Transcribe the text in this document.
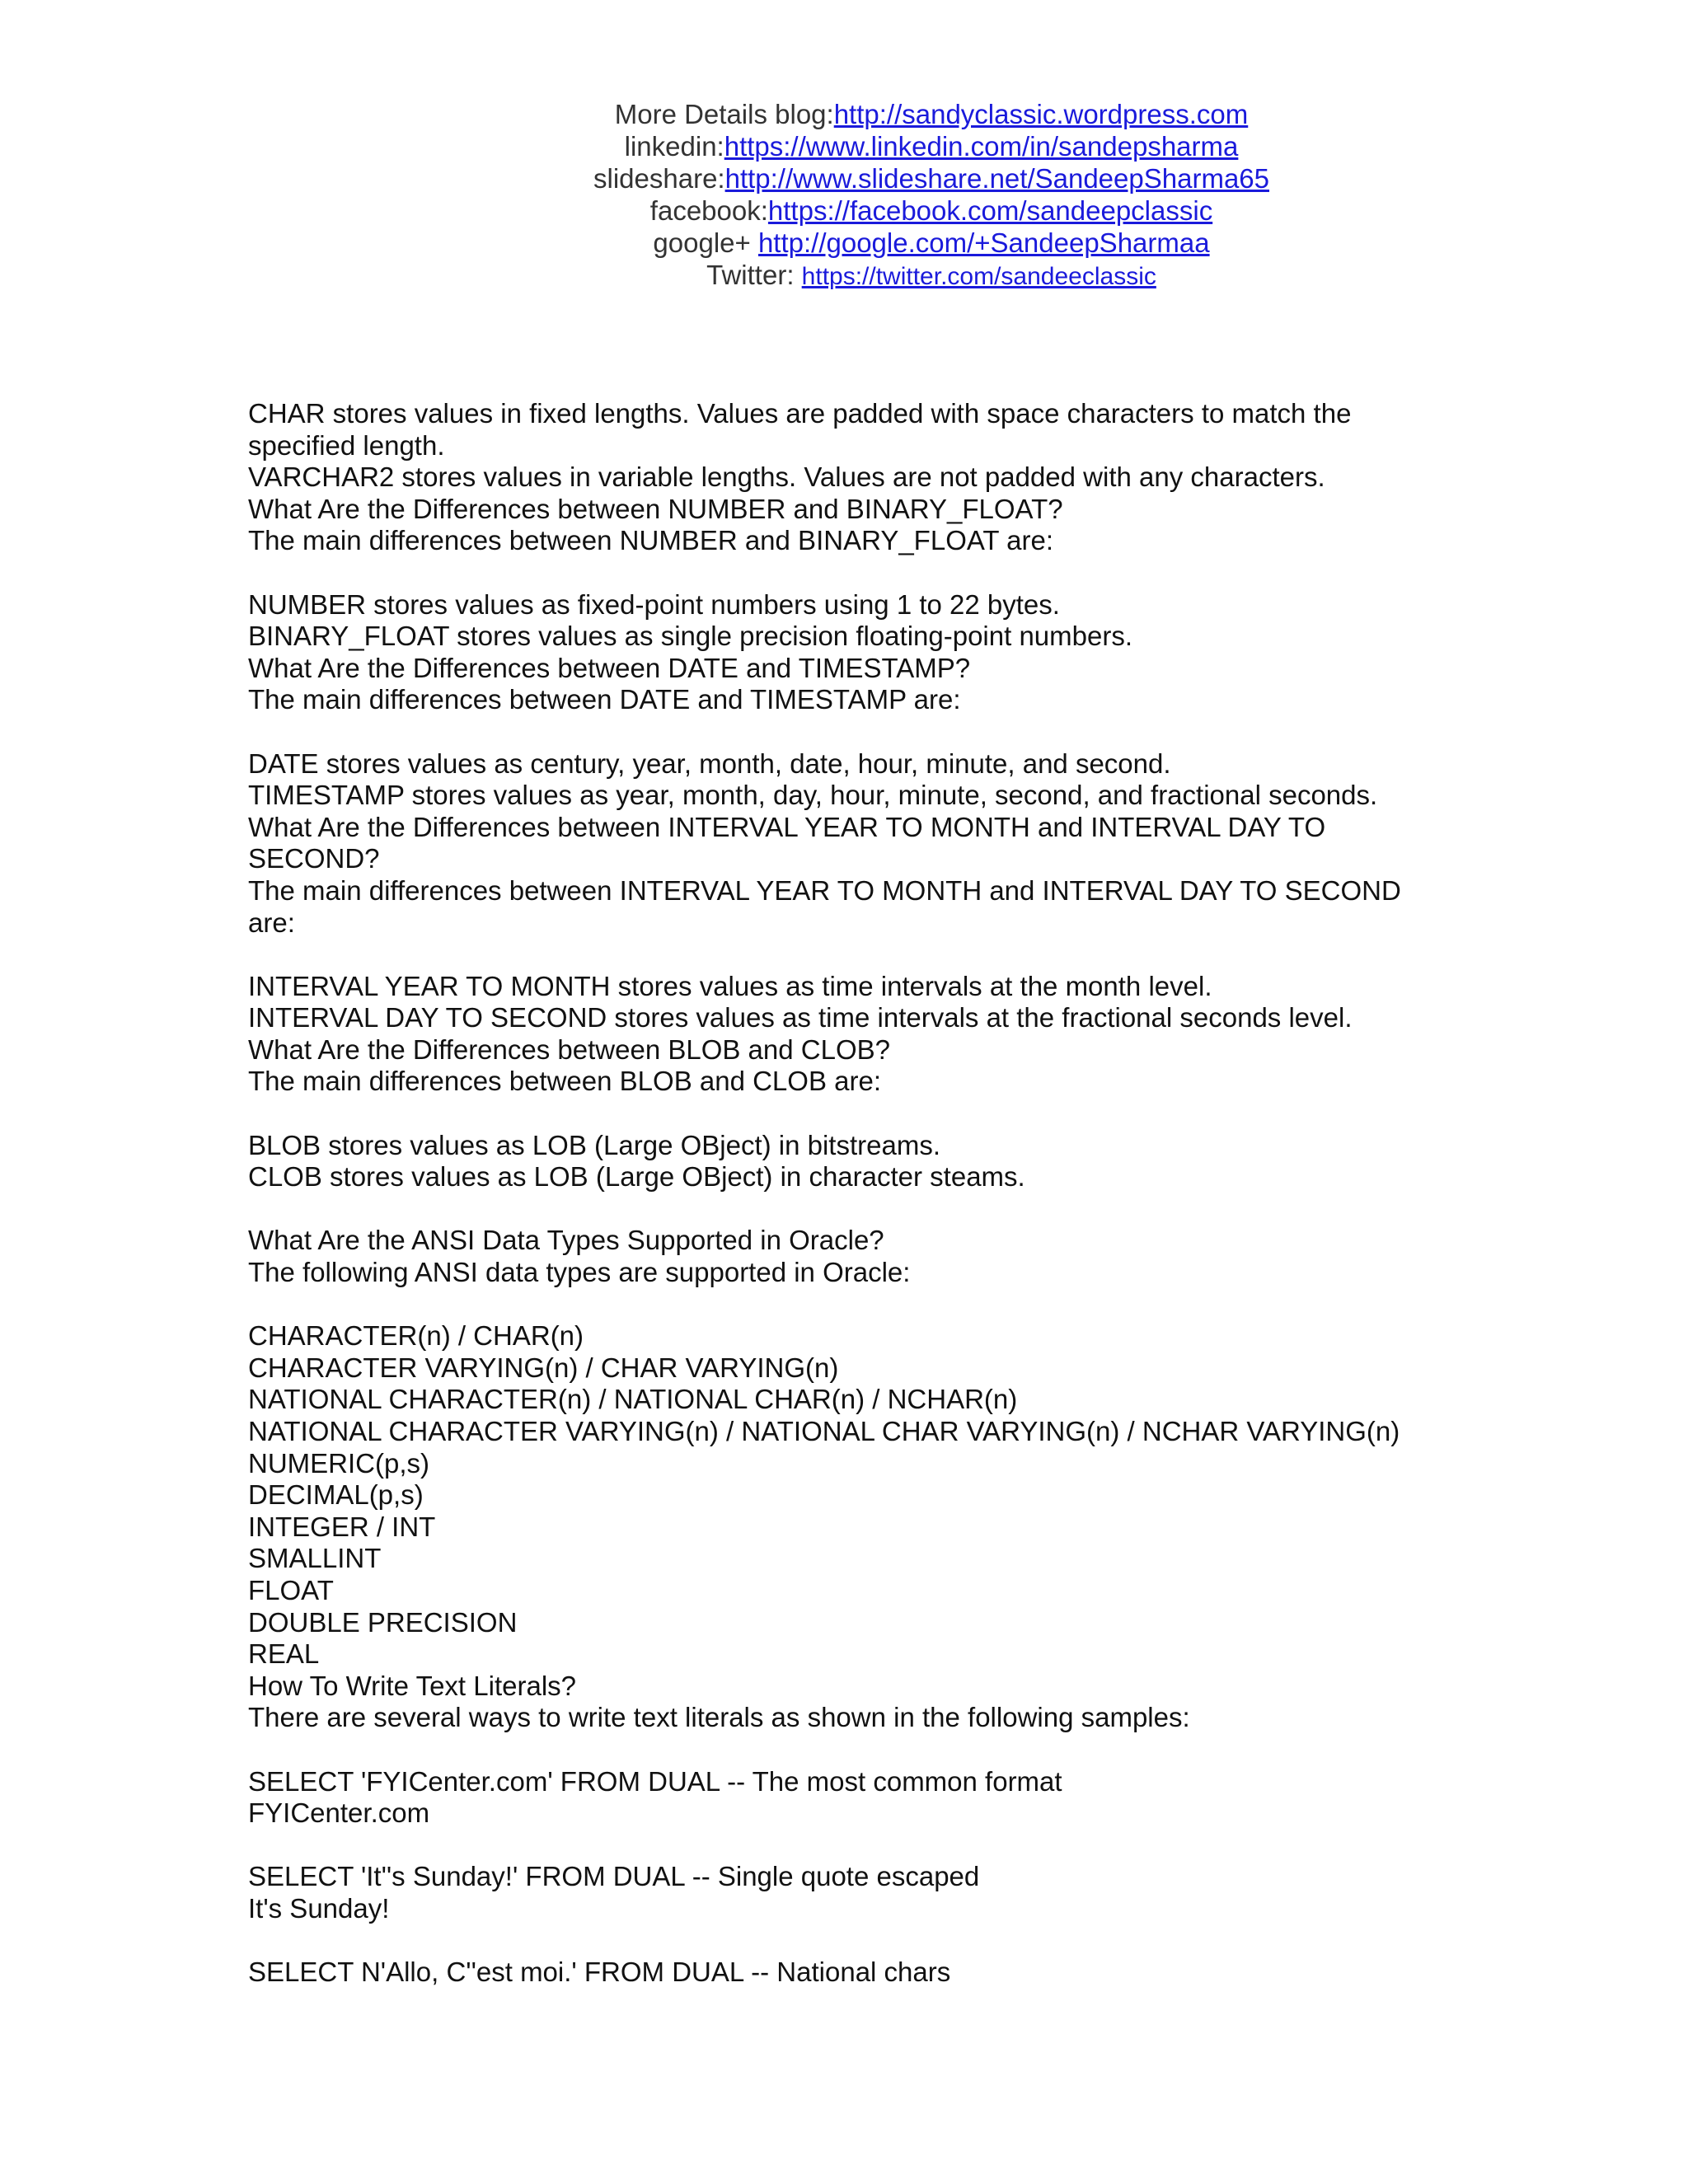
More Details blog:http://sandyclassic.wordpress.com
linkedin:https://www.linkedin.com/in/sandepsharma
slideshare:http://www.slideshare.net/SandeepSharma65
facebook:https://facebook.com/sandeepclassic
google+ http://google.com/+SandeepSharmaa
Twitter: https://twitter.com/sandeeclassic
CHAR stores values in fixed lengths. Values are padded with space characters to match the
specified length.
VARCHAR2 stores values in variable lengths. Values are not padded with any characters.
What Are the Differences between NUMBER and BINARY_FLOAT?
The main differences between NUMBER and BINARY_FLOAT are:
NUMBER stores values as fixed-point numbers using 1 to 22 bytes.
BINARY_FLOAT stores values as single precision floating-point numbers.
What Are the Differences between DATE and TIMESTAMP?
The main differences between DATE and TIMESTAMP are:
DATE stores values as century, year, month, date, hour, minute, and second.
TIMESTAMP stores values as year, month, day, hour, minute, second, and fractional seconds.
What Are the Differences between INTERVAL YEAR TO MONTH and INTERVAL DAY TO
SECOND?
The main differences between INTERVAL YEAR TO MONTH and INTERVAL DAY TO SECOND
are:
INTERVAL YEAR TO MONTH stores values as time intervals at the month level.
INTERVAL DAY TO SECOND stores values as time intervals at the fractional seconds level.
What Are the Differences between BLOB and CLOB?
The main differences between BLOB and CLOB are:
BLOB stores values as LOB (Large OBject) in bitstreams.
CLOB stores values as LOB (Large OBject) in character steams.
What Are the ANSI Data Types Supported in Oracle?
The following ANSI data types are supported in Oracle:
CHARACTER(n) / CHAR(n)
CHARACTER VARYING(n) / CHAR VARYING(n)
NATIONAL CHARACTER(n) / NATIONAL CHAR(n) / NCHAR(n)
NATIONAL CHARACTER VARYING(n) / NATIONAL CHAR VARYING(n) / NCHAR VARYING(n)
NUMERIC(p,s)
DECIMAL(p,s)
INTEGER / INT
SMALLINT
FLOAT
DOUBLE PRECISION
REAL
How To Write Text Literals?
There are several ways to write text literals as shown in the following samples:
SELECT 'FYICenter.com' FROM DUAL -- The most common format
FYICenter.com
SELECT 'It''s Sunday!' FROM DUAL -- Single quote escaped
It's Sunday!
SELECT N'Allo, C''est moi.' FROM DUAL -- National chars
